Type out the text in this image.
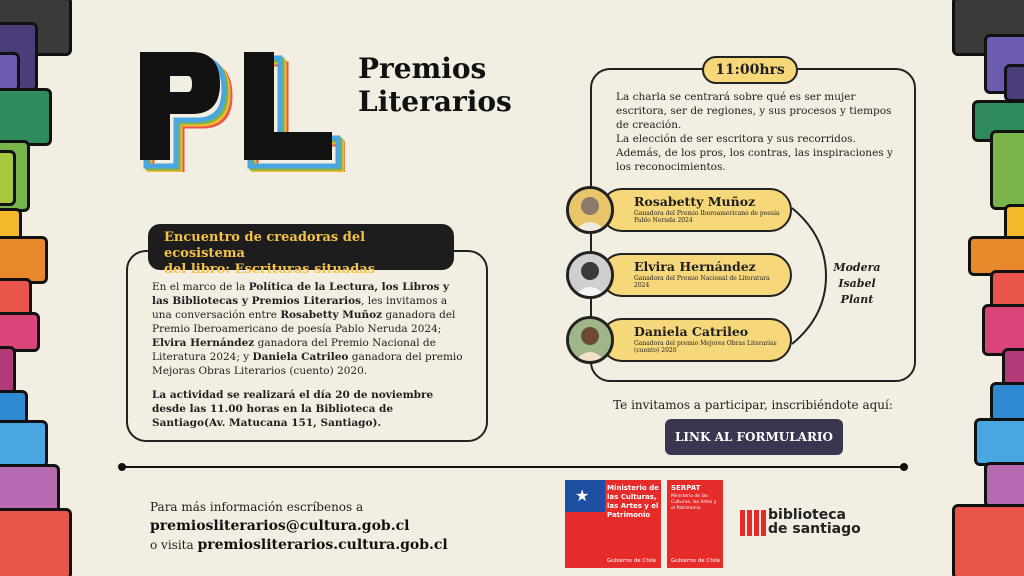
Premios
Literarios
Encuentro de creadoras del ecosistema
del libro: Escrituras situadas

En el marco de la Política de la Lectura, los Libros y las Bibliotecas y Premios Literarios, les invitamos a una conversación entre Rosabetty Muñoz ganadora del Premio Iberoamericano de poesía Pablo Neruda 2024; Elvira Hernández ganadora del Premio Nacional de Literatura 2024; y Daniela Catrileo ganadora del premio Mejoras Obras Literarios (cuento) 2020.

La actividad se realizará el día 20 de noviembre desde las 11.00 horas en la Biblioteca de Santiago(Av. Matucana 151, Santiago).

11:00hrs

La charla se centrará sobre qué es ser mujer escritora, ser de regiones, y sus procesos y tiempos de creación.

La elección de ser escritora y sus recorridos.

Además, de los pros, los contras, las inspiraciones y los reconocimientos.

Rosabetty Muñoz
Ganadora del Premio Iberoamericano de poesía Pablo Neruda 2024
Elvira Hernández
Ganadora del Premio Nacional de Literatura 2024
Daniela Catrileo
Ganadora del premio Mejores Obras Literarias (cuento) 2020
Modera
Isabel Plant
Te invitamos a participar, inscribiéndote aquí:
LINK AL FORMULARIO
Para más información escríbenos a
premiosliterarios@cultura.gob.cl
o visita premiosliterarios.cultura.gob.cl
★	Ministerio de las Culturas, las Artes y el Patrimonio
Gobierno de Chile
SERPAT
Ministerio de las Culturas, las Artes y el Patrimonio
Gobierno de Chile
biblioteca
de santiago
